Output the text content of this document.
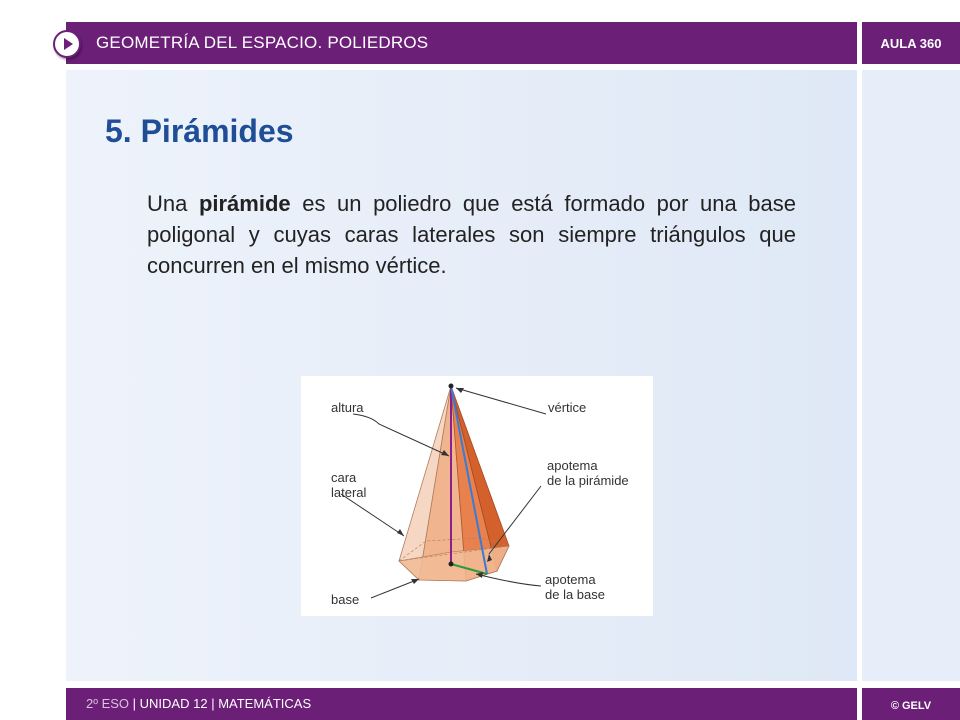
GEOMETRÍA DEL ESPACIO. POLIEDROS	AULA 360
5. Pirámides

Una pirámide es un poliedro que está formado por una base poligonal y cuyas caras laterales son siempre triángulos que concurren en el mismo vértice.

altura	vértice
cara
lateral
apotema
de la pirámide
base
apotema
de la base
2º ESO | UNIDAD 12 | MATEMÁTICAS	© GELV
